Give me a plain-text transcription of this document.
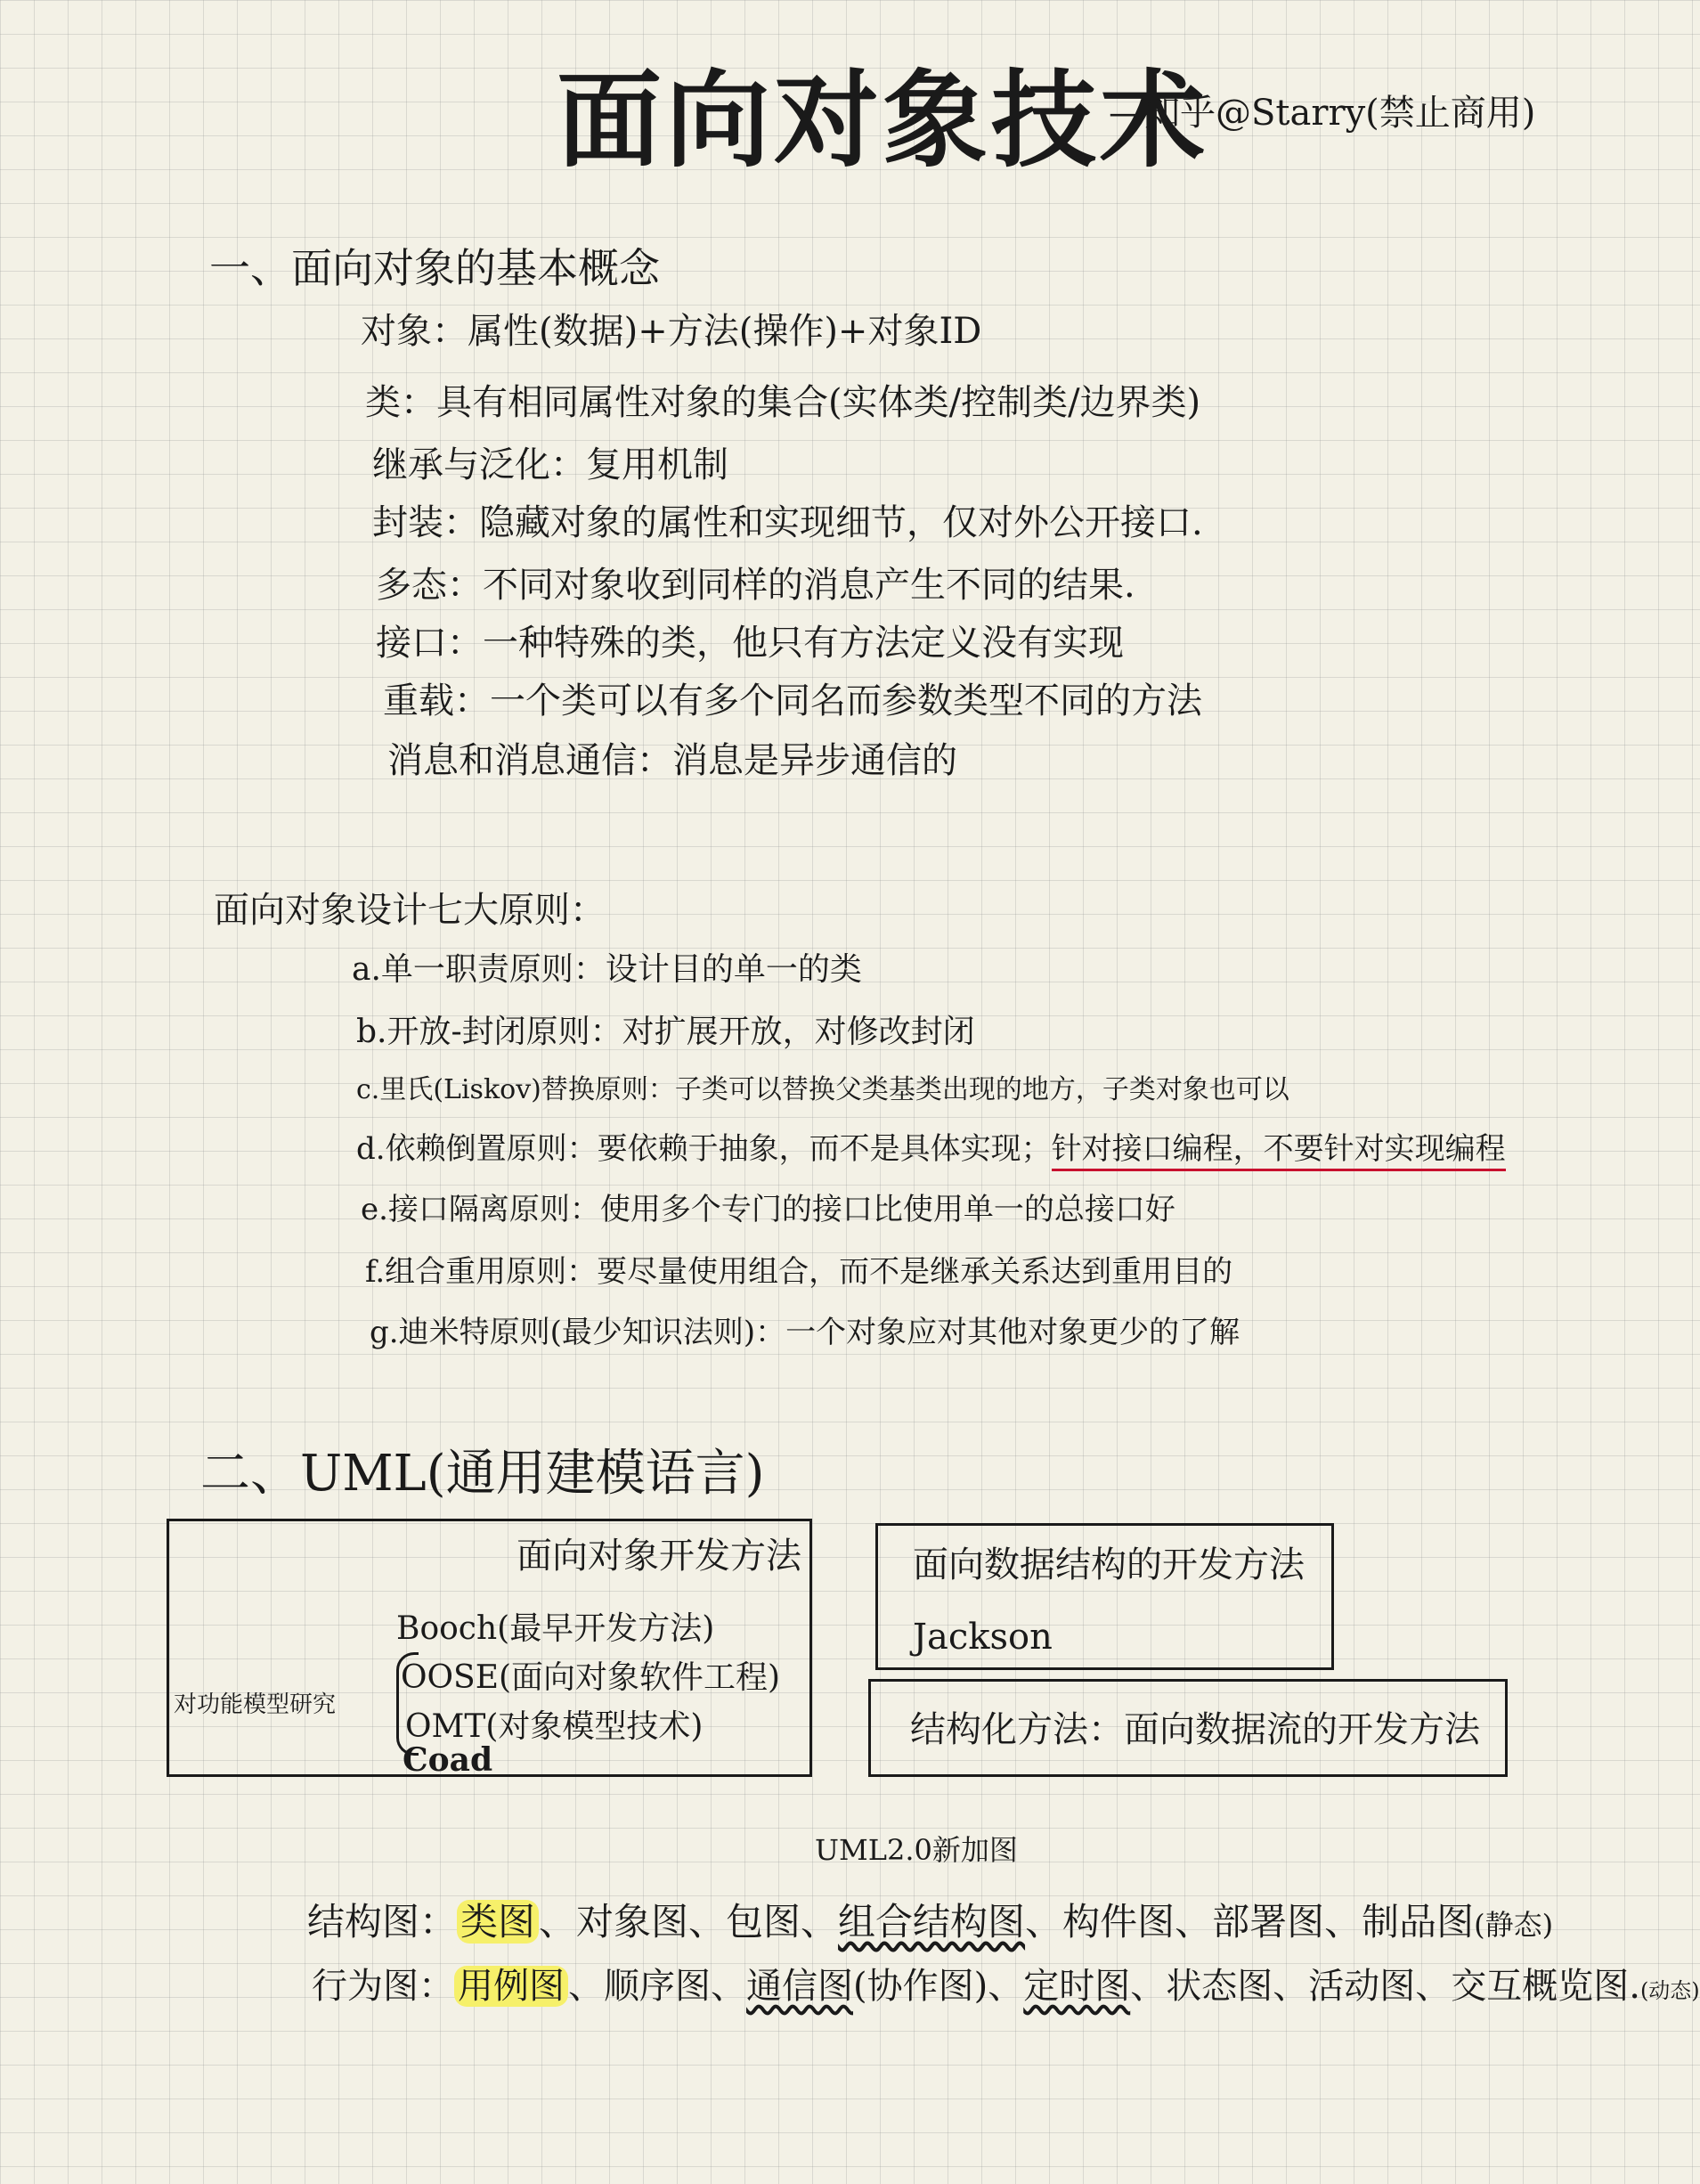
面向对象技术
—知乎@Starry(禁止商用)
一、面向对象的基本概念
对象：属性(数据)+方法(操作)+对象ID
类：具有相同属性对象的集合(实体类/控制类/边界类)
继承与泛化：复用机制
封装：隐藏对象的属性和实现细节，仅对外公开接口.
多态：不同对象收到同样的消息产生不同的结果.
接口：一种特殊的类，他只有方法定义没有实现
重载：一个类可以有多个同名而参数类型不同的方法
消息和消息通信：消息是异步通信的
面向对象设计七大原则：
a.单一职责原则：设计目的单一的类
b.开放-封闭原则：对扩展开放，对修改封闭
c.里氏(Liskov)替换原则：子类可以替换父类基类出现的地方，子类对象也可以
d.依赖倒置原则：要依赖于抽象，而不是具体实现；针对接口编程，不要针对实现编程
e.接口隔离原则：使用多个专门的接口比使用单一的总接口好
f.组合重用原则：要尽量使用组合，而不是继承关系达到重用目的
g.迪米特原则(最少知识法则)：一个对象应对其他对象更少的了解
二、UML(通用建模语言)
面向对象开发方法
Booch(最早开发方法)
OOSE(面向对象软件工程)
OMT(对象模型技术)
Coad
对功能模型研究
面向数据结构的开发方法
Jackson
结构化方法：面向数据流的开发方法
UML2.0新加图
结构图：类图、对象图、包图、组合结构图、构件图、部署图、制品图(静态)
行为图： 用例图 、顺序图、通信图(协作图)、定时图、状态图、活动图、交互概览图.(动态)
